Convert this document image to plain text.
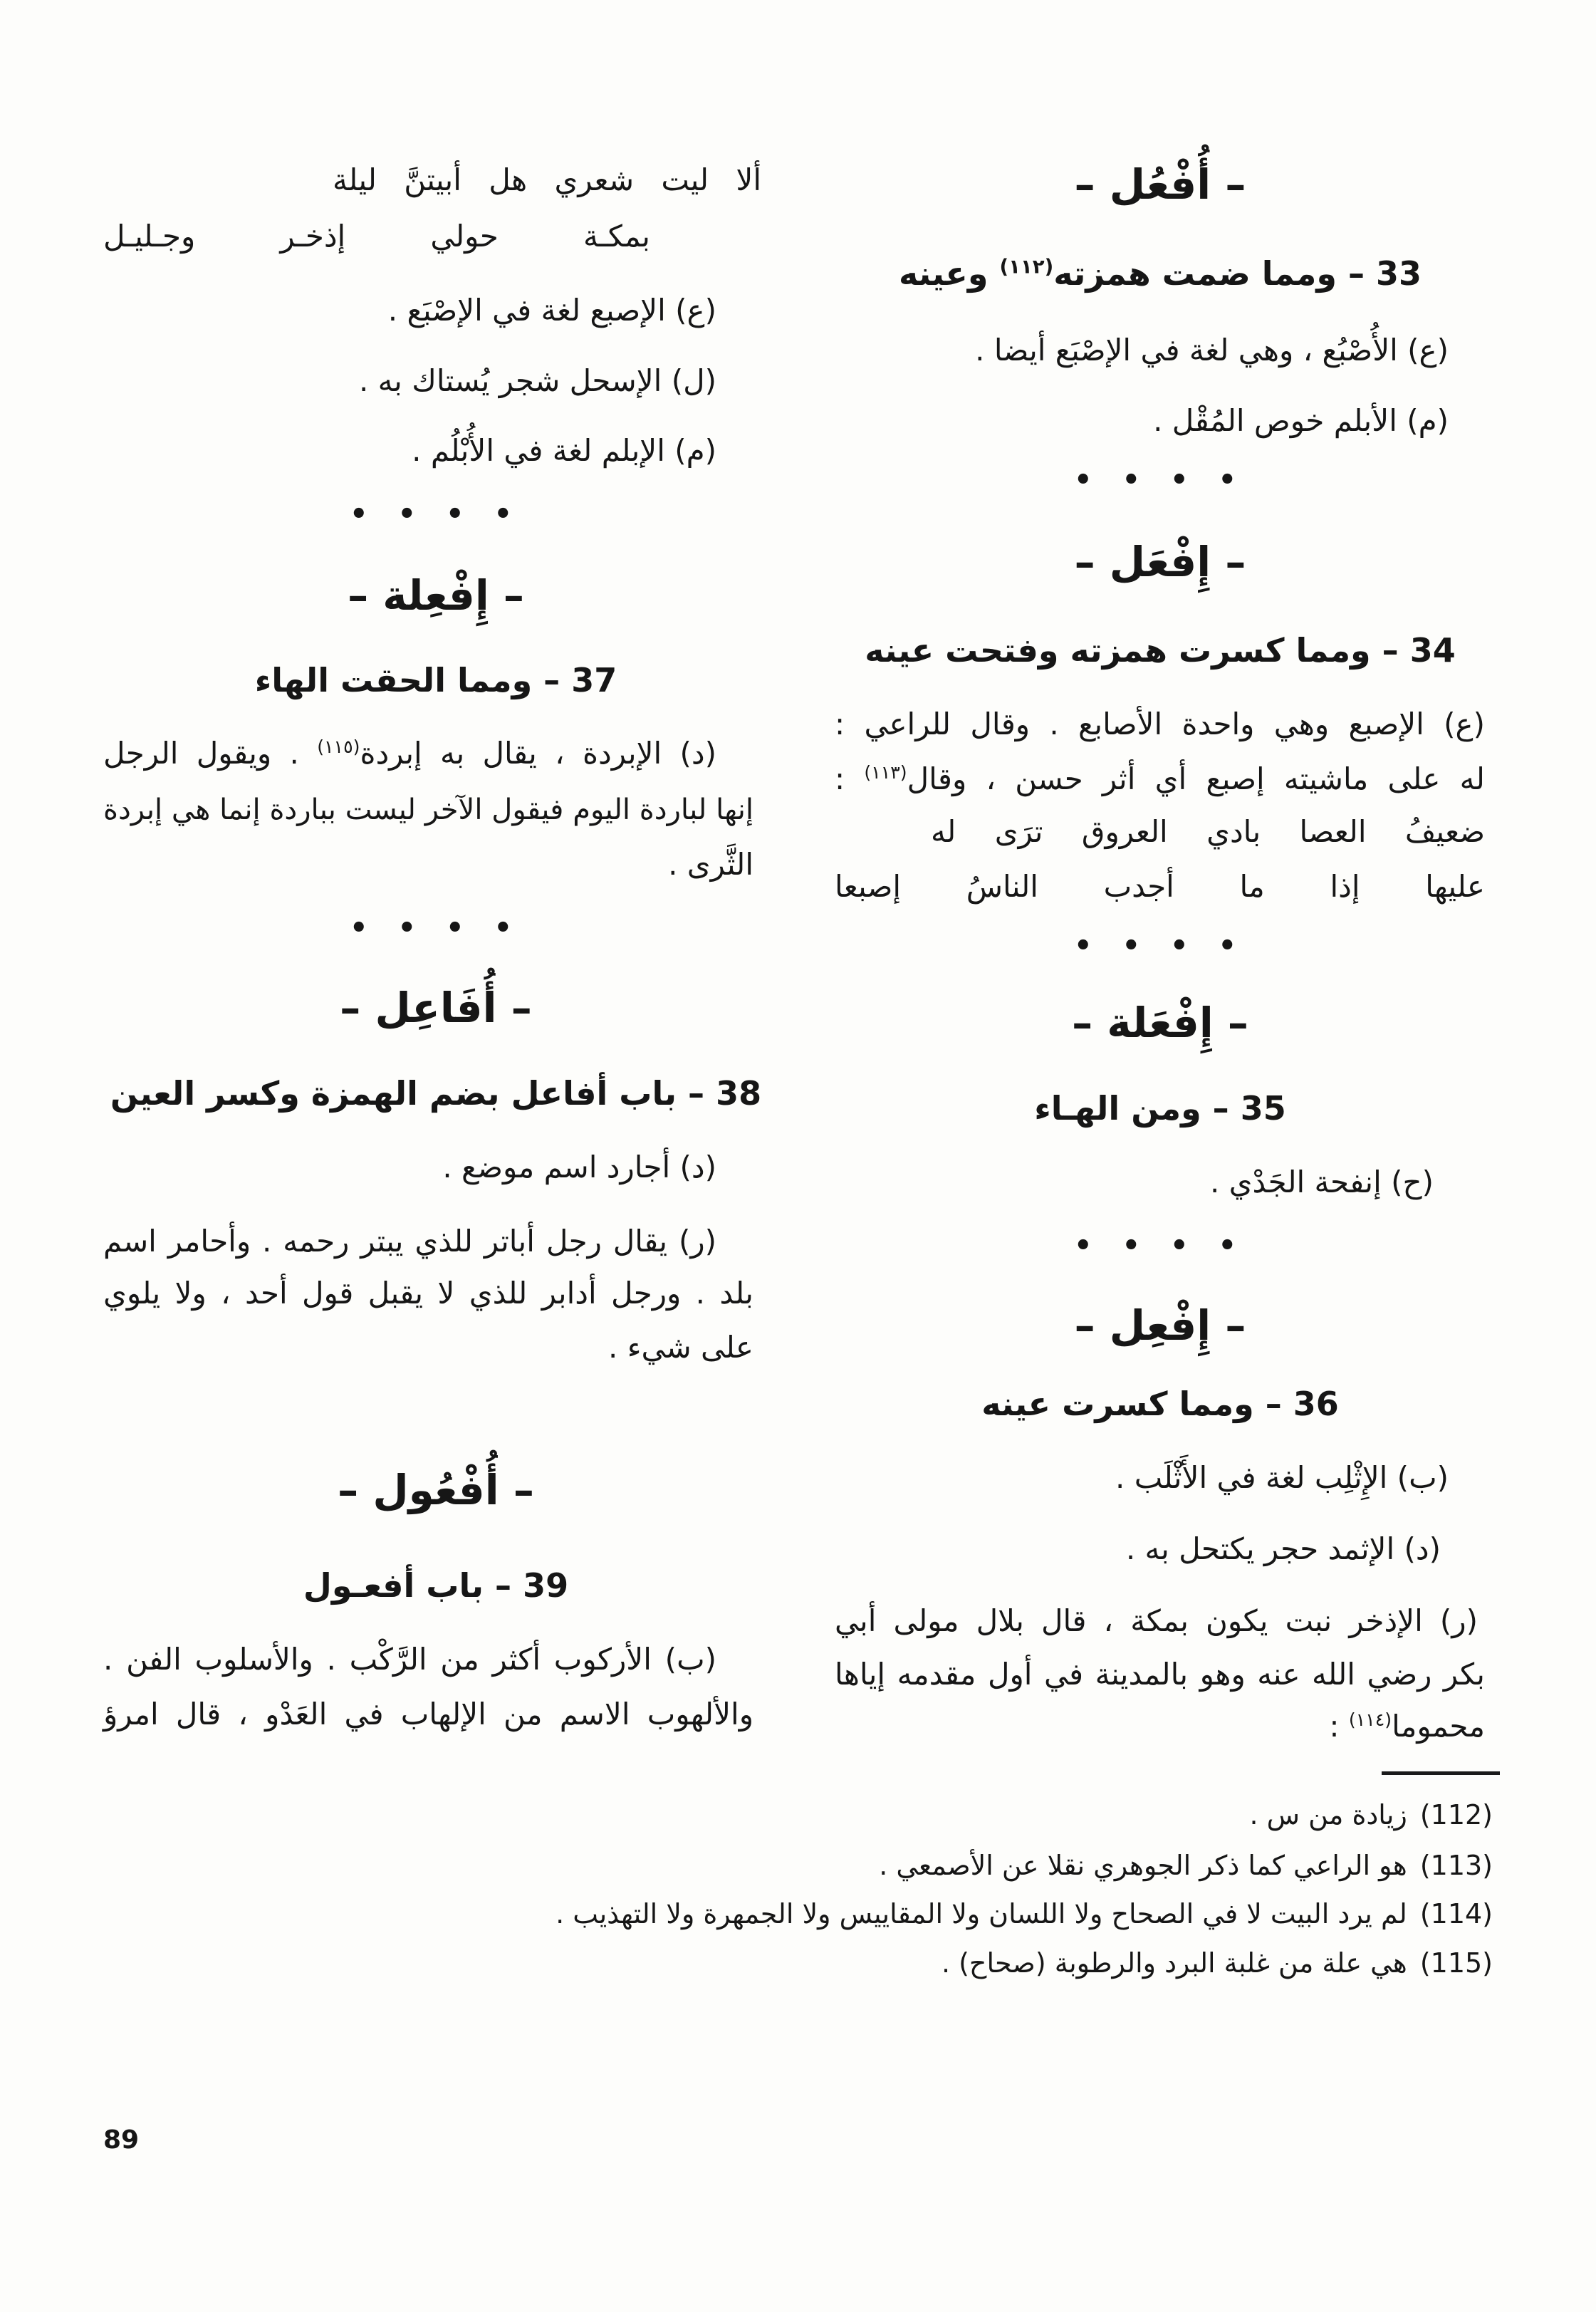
– أُفْعُل –
33 – ومما ضمت همزته$^{(١١٢)}$ وعينه
(ع) الأُصْبُع ، وهي لغة في الإصْبَع أيضا .
(م) الأبلم خوص المُقْل .
• • • •
– إِفْعَل –
34 – ومما كسرت همزته وفتحت عينه
(ع) الإصبع وهي واحدة الأصابع . وقال للراعي :
له على ماشيته إصبع أي أثر حسن ، وقال$^{(١١٣)}$ :
ضعيفُ العصا بادي العروق ترَى له
عليها إذا ما أجدب الناسُ إصبعا
• • • •
– إِفْعَلة –
35 – ومن الهـاء
(ح) إنفحة الجَدْي .
• • • •
– إِفْعِل –
36 – ومما كسرت عينه
(ب) الإِثْلِب لغة في الأَثْلَب .
(د) الإثمد حجر يكتحل به .
(ر) الإذخر نبت يكون بمكة ، قال بلال مولى أبي
بكر رضي الله عنه وهو بالمدينة في أول مقدمه إياها
محموما$^{(١١٤)}$ :
ألا ليت شعري هل أبيتنَّ ليلة
بمكـة حولي إذخـر وجـليـل
(ع) الإصبع لغة في الإصْبَع .
(ل) الإسحل شجر يُستاك به .
(م) الإبلم لغة في الأُبْلُم .
• • • •
– إِفْعِلة –
37 – ومما الحقت الهاء
(د) الإبردة ، يقال به إبردة$^{(١١٥)}$ . ويقول الرجل
إنها لباردة اليوم فيقول الآخر ليست بباردة إنما هي إبردة
الثَّرى .
• • • •
– أُفَاعِل –
38 – باب أفاعل بضم الهمزة وكسر العين
(د) أجارد اسم موضع .
(ر) يقال رجل أباتر للذي يبتر رحمه . وأحامر اسم
بلد . ورجل أدابر للذي لا يقبل قول أحد ، ولا يلوي
على شيء .
– أُفْعُول –
39 – باب أفعـول
(ب) الأركوب أكثر من الرَّكْب . والأسلوب الفن .
والألهوب الاسم من الإلهاب في العَدْو ، قال امرؤ
(112)زيادة من س .
(113)هو الراعي كما ذكر الجوهري نقلا عن الأصمعي .
(114)لم يرد البيت لا في الصحاح ولا اللسان ولا المقاييس ولا الجمهرة ولا التهذيب .
(115)هي علة من غلبة البرد والرطوبة (صحاح) .
89
